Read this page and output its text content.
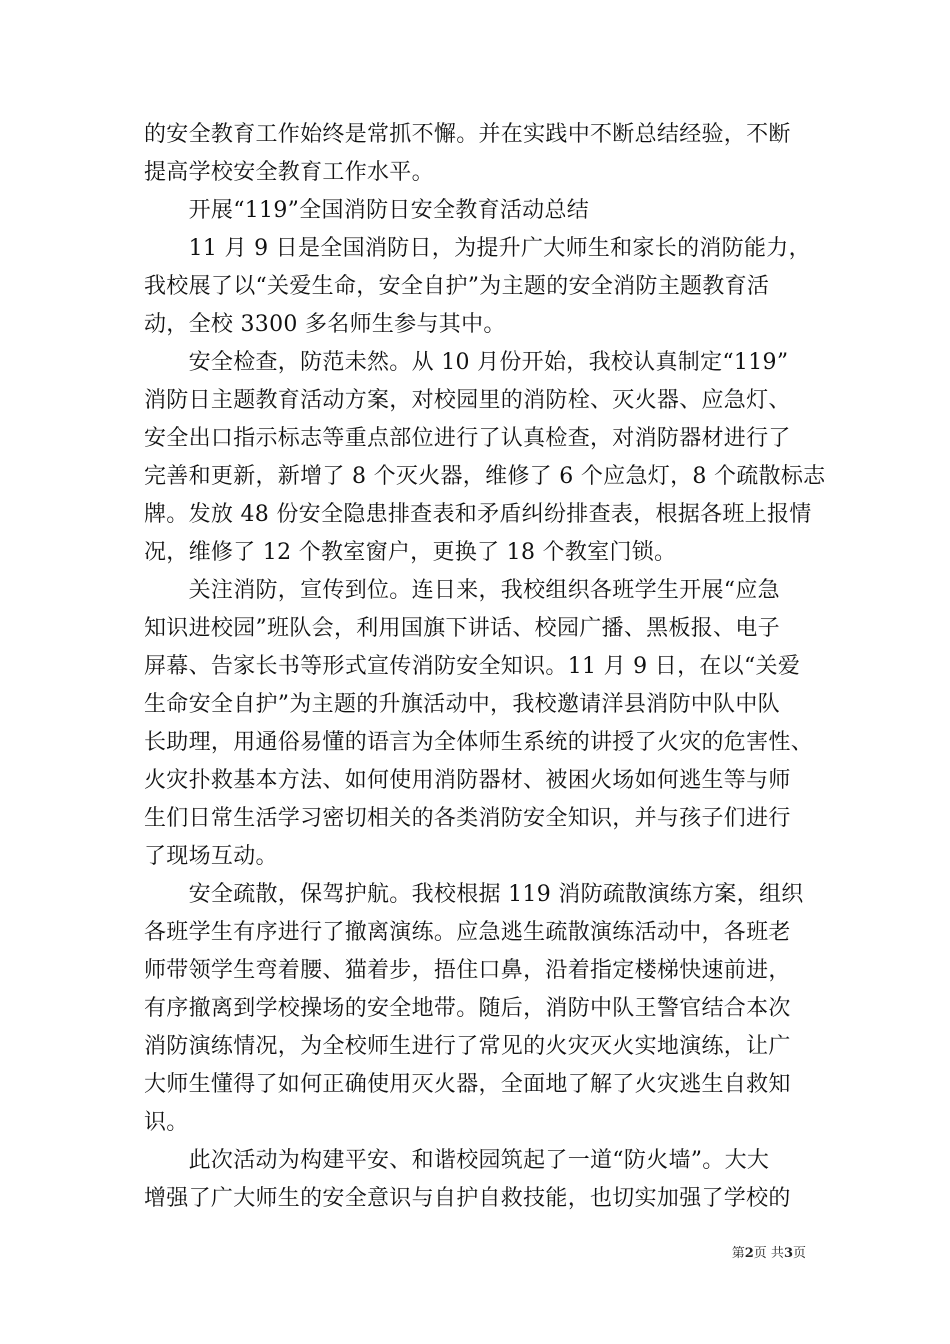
的安全教育工作始终是常抓不懈。并在实践中不断总结经验，不断
提高学校安全教育工作水平。
　　开展“119”全国消防日安全教育活动总结
　　11 月 9 日是全国消防日，为提升广大师生和家长的消防能力，
我校展了以“关爱生命，安全自护”为主题的安全消防主题教育活
动，全校 3300 多名师生参与其中。
　　安全检查，防范未然。从 10 月份开始，我校认真制定“119”
消防日主题教育活动方案，对校园里的消防栓、灭火器、应急灯、
安全出口指示标志等重点部位进行了认真检查，对消防器材进行了
完善和更新，新增了 8 个灭火器，维修了 6 个应急灯，8 个疏散标志
牌。发放 48 份安全隐患排查表和矛盾纠纷排查表，根据各班上报情
况，维修了 12 个教室窗户，更换了 18 个教室门锁。
　　关注消防，宣传到位。连日来，我校组织各班学生开展“应急
知识进校园”班队会，利用国旗下讲话、校园广播、黑板报、电子
屏幕、告家长书等形式宣传消防安全知识。11 月 9 日，在以“关爱
生命安全自护”为主题的升旗活动中，我校邀请洋县消防中队中队
长助理，用通俗易懂的语言为全体师生系统的讲授了火灾的危害性、
火灾扑救基本方法、如何使用消防器材、被困火场如何逃生等与师
生们日常生活学习密切相关的各类消防安全知识，并与孩子们进行
了现场互动。
　　安全疏散，保驾护航。我校根据 119 消防疏散演练方案，组织
各班学生有序进行了撤离演练。应急逃生疏散演练活动中，各班老
师带领学生弯着腰、猫着步，捂住口鼻，沿着指定楼梯快速前进，
有序撤离到学校操场的安全地带。随后，消防中队王警官结合本次
消防演练情况，为全校师生进行了常见的火灾灭火实地演练，让广
大师生懂得了如何正确使用灭火器，全面地了解了火灾逃生自救知
识。
　　此次活动为构建平安、和谐校园筑起了一道“防火墙”。大大
增强了广大师生的安全意识与自护自救技能，也切实加强了学校的
第2页 共3页
